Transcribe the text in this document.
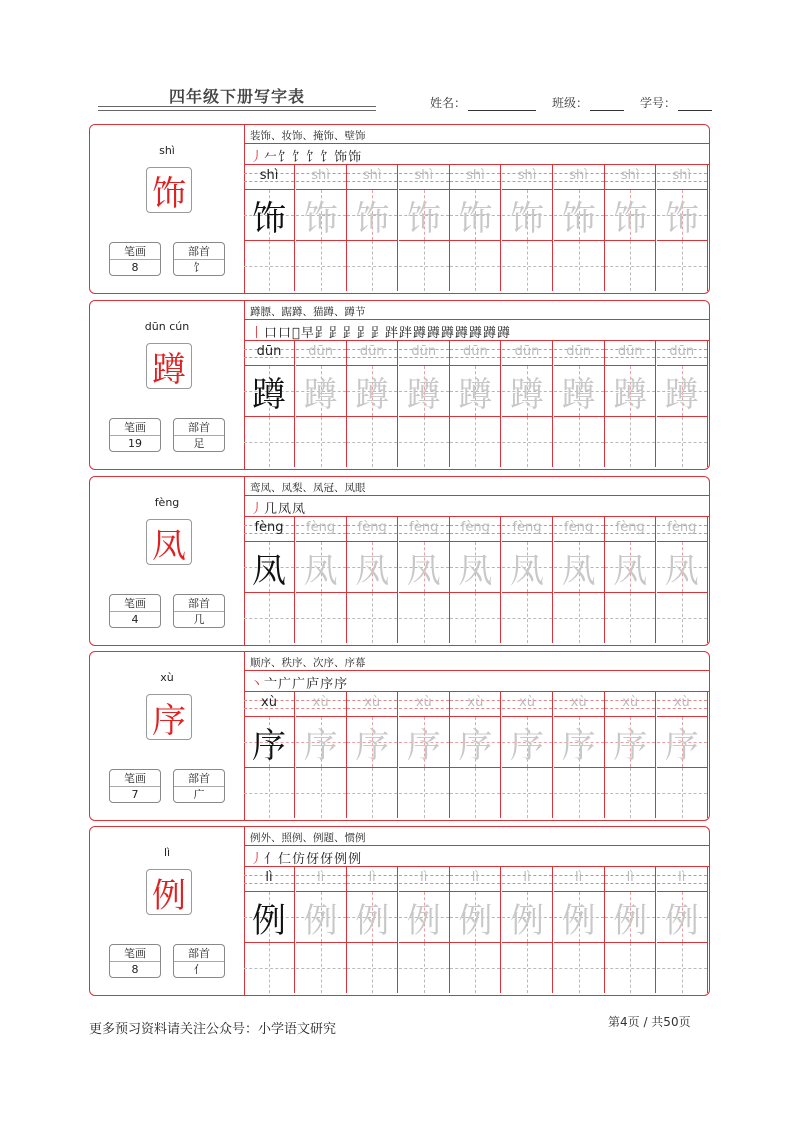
四年级下册写字表	姓名：	班级：	学号：
shì
饰
笔画
8
部首
饣
装饰、妆饰、掩饰、壁饰
丿𠂉饣饣饣饣饰饰
shì
饰
shì
饰
shì
饰
shì
饰
shì
饰
shì
饰
shì
饰
shì
饰
shì
饰
dūn cún
蹲
笔画
19
部首
足
蹲膘、踞蹲、猫蹲、蹲节
丨口口𠯁早𧾷𧾷𧾷𧾷𧾷跘跘蹲蹲蹲蹲蹲蹲蹲
dūn
蹲
dūn
蹲
dūn
蹲
dūn
蹲
dūn
蹲
dūn
蹲
dūn
蹲
dūn
蹲
dūn
蹲
fèng
凤
笔画
4
部首
几
鸾凤、凤梨、凤冠、凤眼
丿几凤凤
fèng
凤
fèng
凤
fèng
凤
fèng
凤
fèng
凤
fèng
凤
fèng
凤
fèng
凤
fèng
凤
xù
序
笔画
7
部首
广
顺序、秩序、次序、序幕
丶亠广广庐序序
xù
序
xù
序
xù
序
xù
序
xù
序
xù
序
xù
序
xù
序
xù
序
lì
例
笔画
8
部首
亻
例外、照例、例题、惯例
丿亻仁仿伢伢例例
lì
例
lì
例
lì
例
lì
例
lì
例
lì
例
lì
例
lì
例
lì
例
更多预习资料请关注公众号：小学语文研究	第4页 / 共50页
